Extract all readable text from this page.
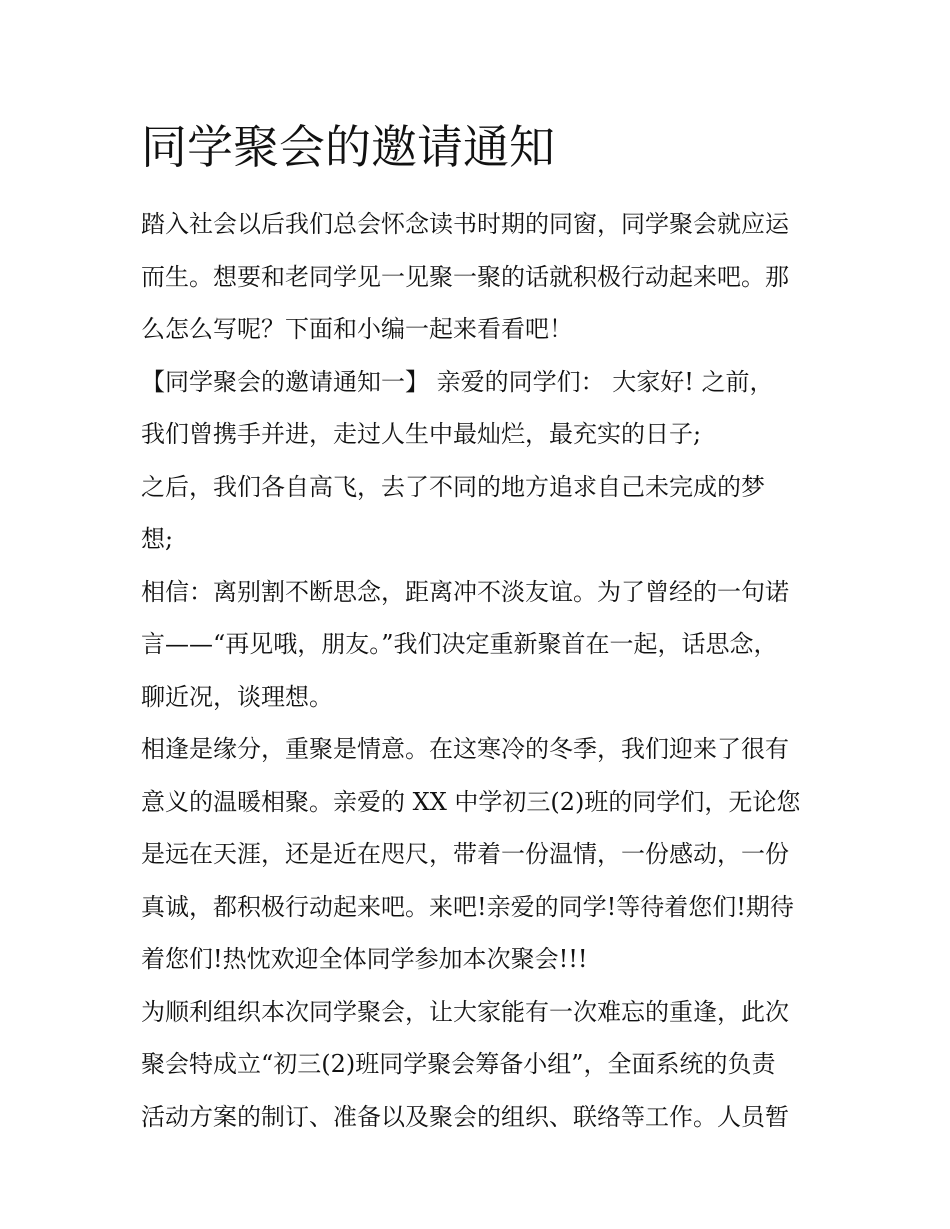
同学聚会的邀请通知

踏入社会以后我们总会怀念读书时期的同窗，同学聚会就应运

而生。想要和老同学见一见聚一聚的话就积极行动起来吧。那

么怎么写呢？下面和小编一起来看看吧！

【同学聚会的邀请通知一】 亲爱的同学们： 大家好! 之前，

我们曾携手并进，走过人生中最灿烂，最充实的日子;

之后，我们各自高飞，去了不同的地方追求自己未完成的梦

想;

相信：离别割不断思念，距离冲不淡友谊。为了曾经的一句诺

言——“再见哦，朋友。”我们决定重新聚首在一起，话思念，

聊近况，谈理想。

相逢是缘分，重聚是情意。在这寒冷的冬季，我们迎来了很有

意义的温暖相聚。亲爱的 XX 中学初三(2)班的同学们，无论您

是远在天涯，还是近在咫尺，带着一份温情，一份感动，一份

真诚，都积极行动起来吧。来吧!亲爱的同学!等待着您们!期待

着您们!热忱欢迎全体同学参加本次聚会!!!

为顺利组织本次同学聚会，让大家能有一次难忘的重逢，此次

聚会特成立“初三(2)班同学聚会筹备小组”，全面系统的负责

活动方案的制订、准备以及聚会的组织、联络等工作。人员暂
